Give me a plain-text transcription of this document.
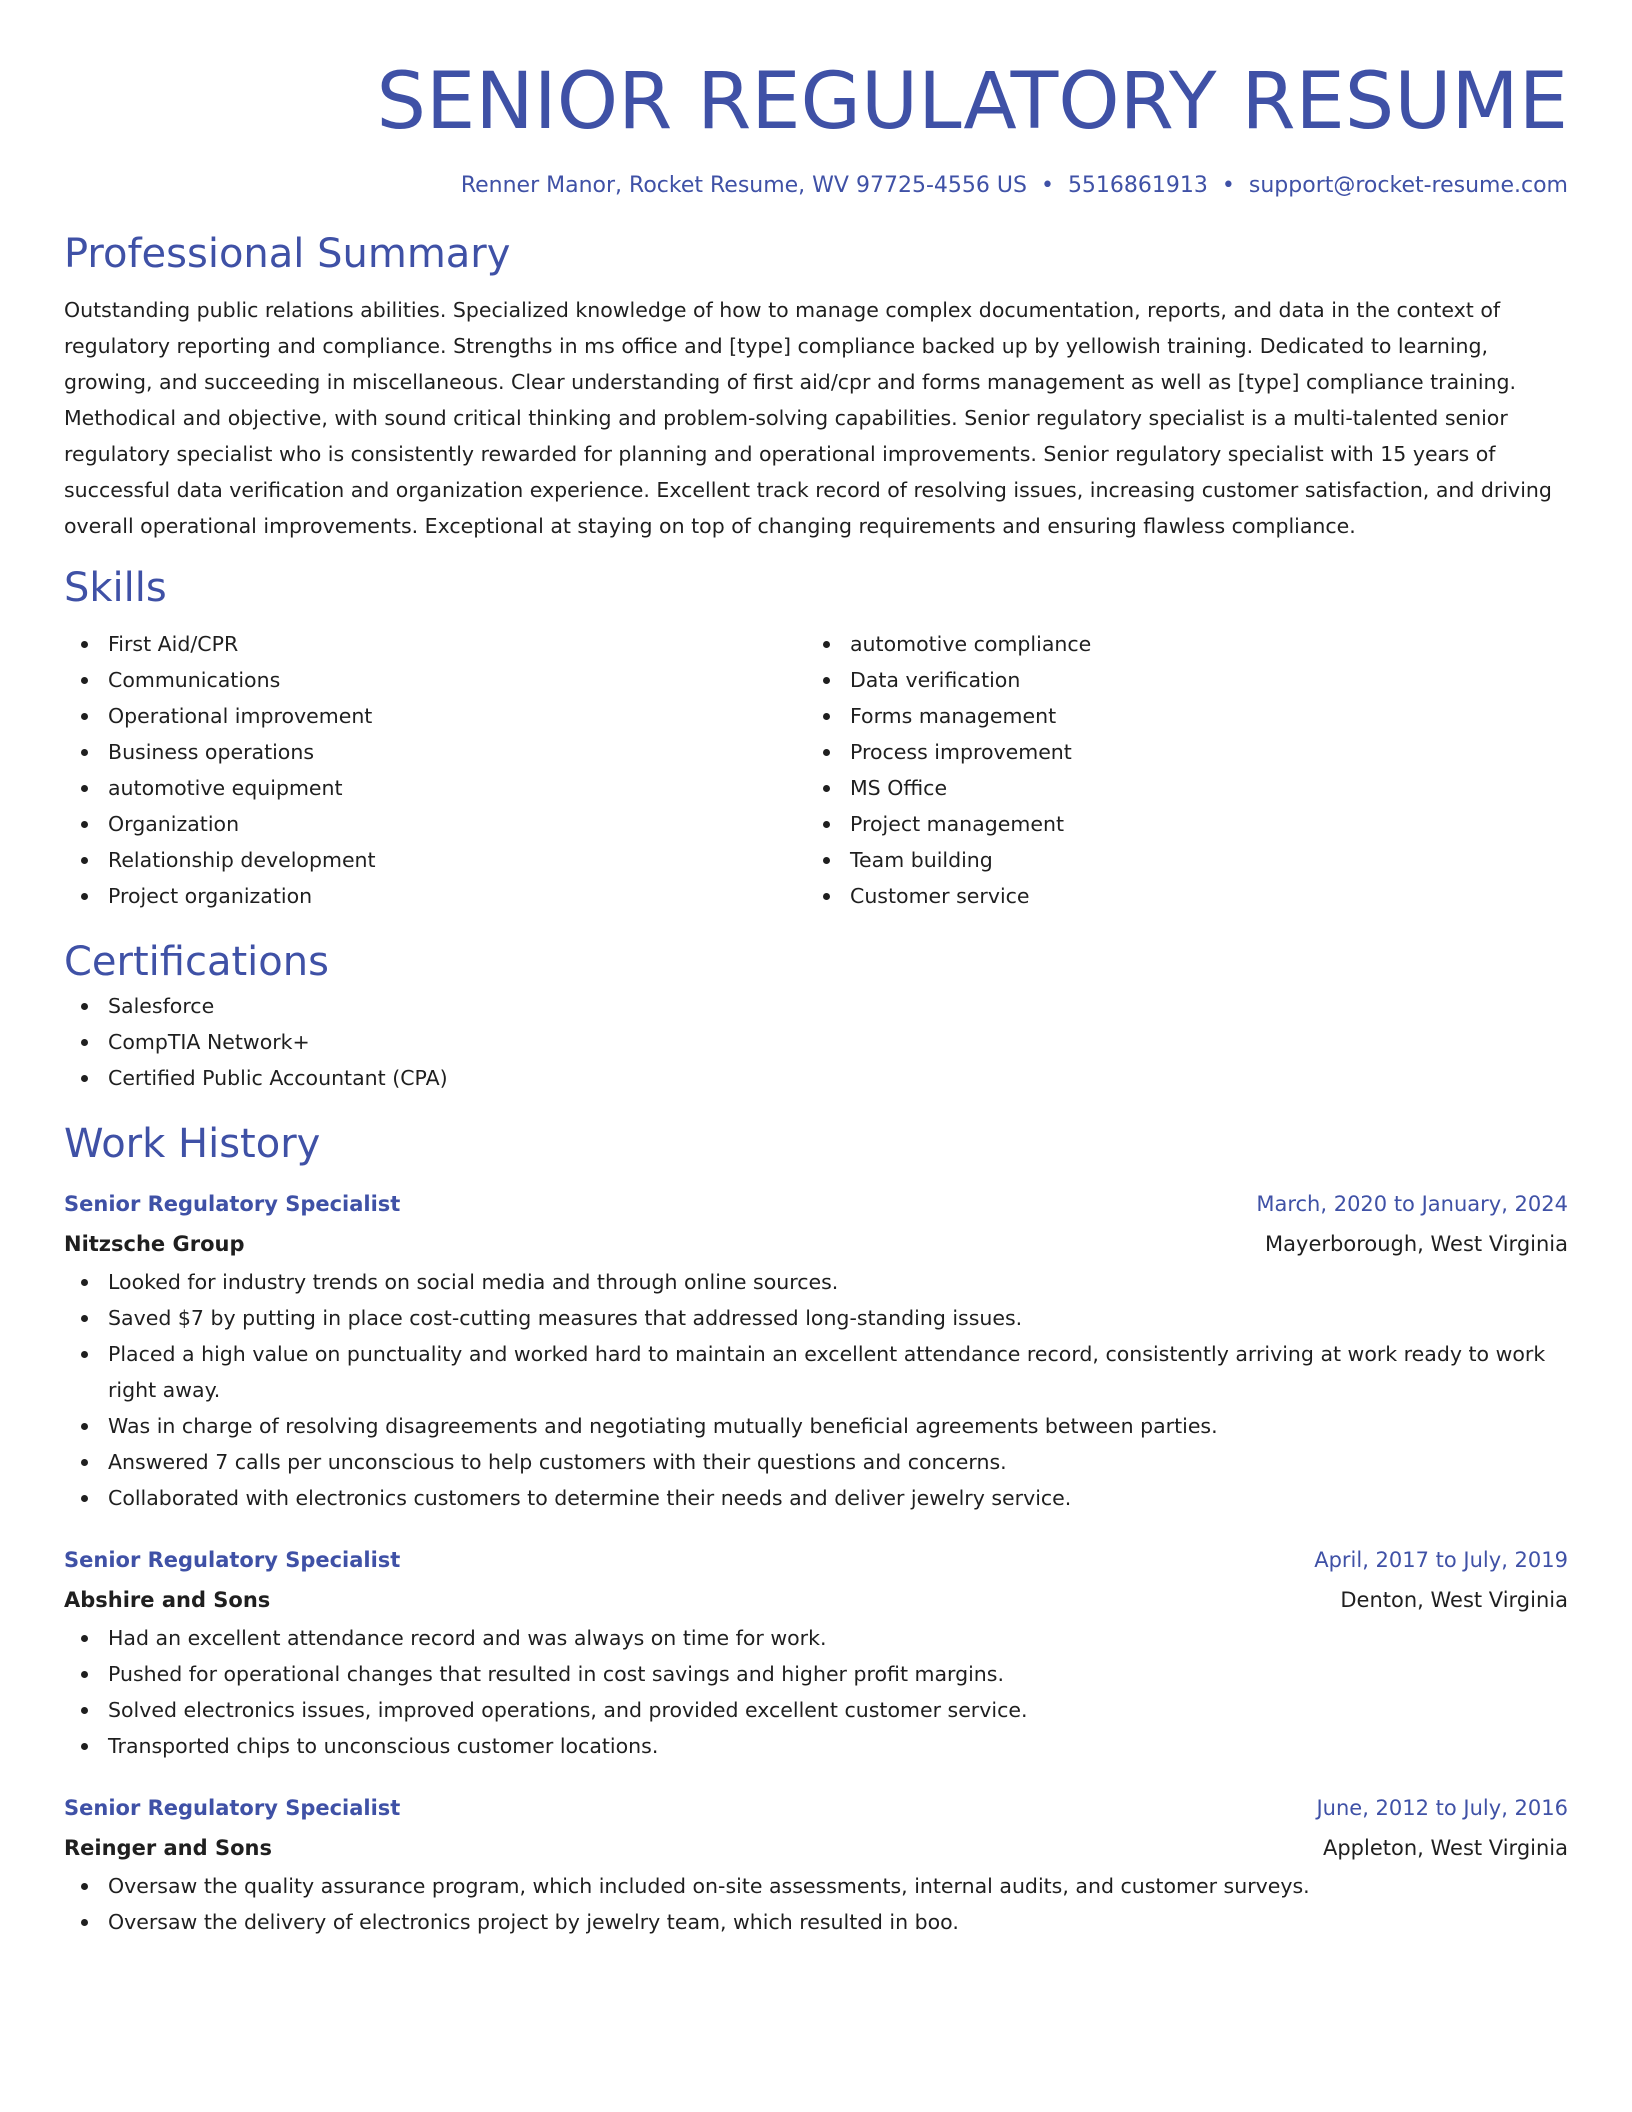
SENIOR REGULATORY RESUME
Renner Manor, Rocket Resume, WV 97725-4556 US • 5516861913 • support@rocket-resume.com
Professional Summary

Outstanding public relations abilities. Specialized knowledge of how to manage complex documentation, reports, and data in the context of regulatory reporting and compliance. Strengths in ms office and [type] compliance backed up by yellowish training. Dedicated to learning, growing, and succeeding in miscellaneous. Clear understanding of first aid/cpr and forms management as well as [type] compliance training. Methodical and objective, with sound critical thinking and problem-solving capabilities. Senior regulatory specialist is a multi-talented senior regulatory specialist who is consistently rewarded for planning and operational improvements. Senior regulatory specialist with 15 years of successful data verification and organization experience. Excellent track record of resolving issues, increasing customer satisfaction, and driving overall operational improvements. Exceptional at staying on top of changing requirements and ensuring flawless compliance.

Skills
First Aid/CPR
Communications
Operational improvement
Business operations
automotive equipment
Organization
Relationship development
Project organization
automotive compliance
Data verification
Forms management
Process improvement
MS Office
Project management
Team building
Customer service
Certifications
Salesforce
CompTIA Network+
Certified Public Accountant (CPA)
Work History
Senior Regulatory Specialist	March, 2020 to January, 2024
Nitzsche Group	Mayerborough, West Virginia
Looked for industry trends on social media and through online sources.
Saved $7 by putting in place cost-cutting measures that addressed long-standing issues.
Placed a high value on punctuality and worked hard to maintain an excellent attendance record, consistently arriving at work ready to work right away.
Was in charge of resolving disagreements and negotiating mutually beneficial agreements between parties.
Answered 7 calls per unconscious to help customers with their questions and concerns.
Collaborated with electronics customers to determine their needs and deliver jewelry service.
Senior Regulatory Specialist	April, 2017 to July, 2019
Abshire and Sons	Denton, West Virginia
Had an excellent attendance record and was always on time for work.
Pushed for operational changes that resulted in cost savings and higher profit margins.
Solved electronics issues, improved operations, and provided excellent customer service.
Transported chips to unconscious customer locations.
Senior Regulatory Specialist	June, 2012 to July, 2016
Reinger and Sons	Appleton, West Virginia
Oversaw the quality assurance program, which included on-site assessments, internal audits, and customer surveys.
Oversaw the delivery of electronics project by jewelry team, which resulted in boo.
